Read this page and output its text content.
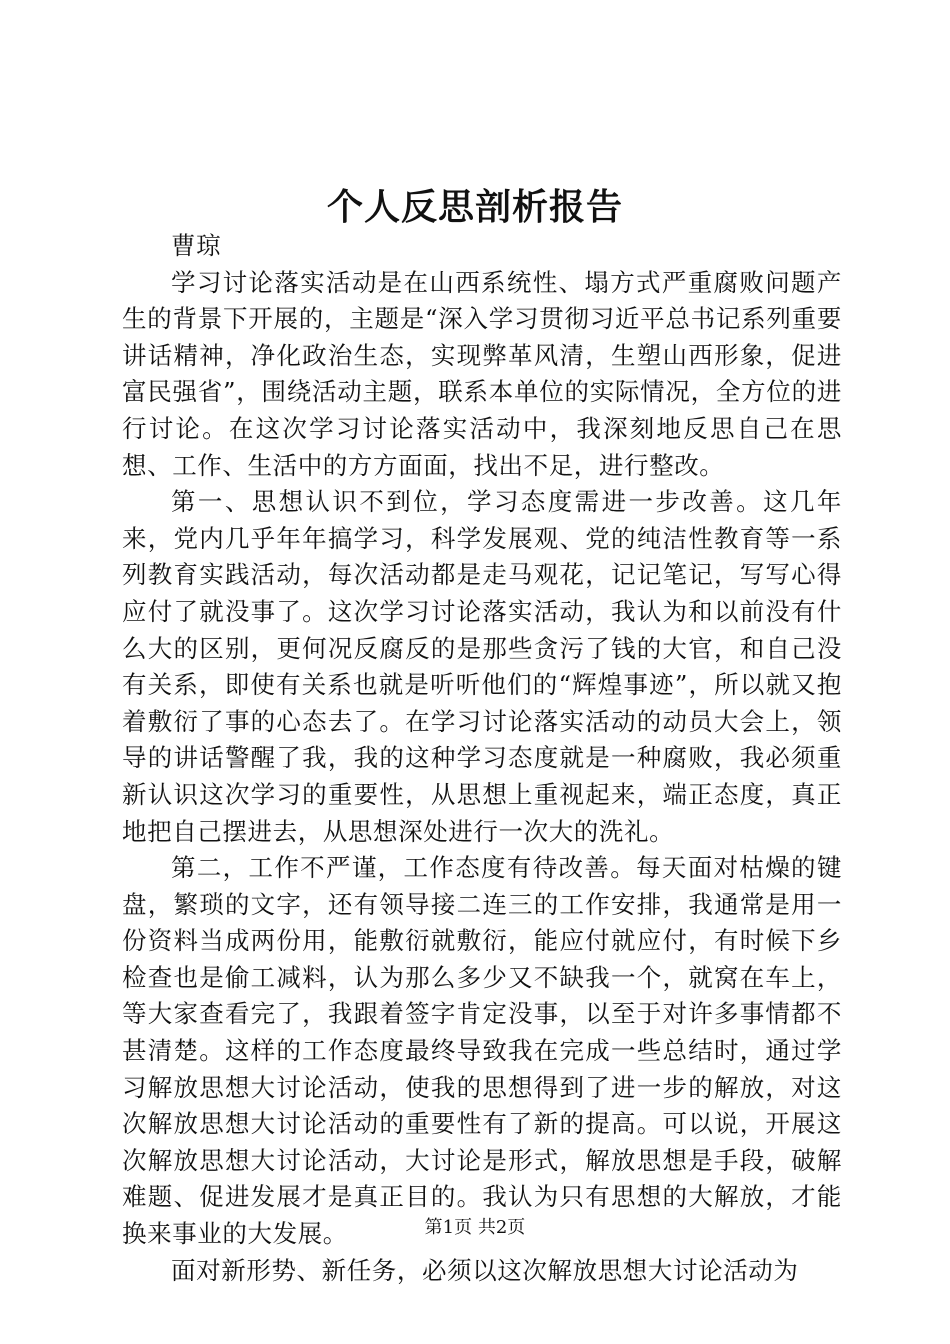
个人反思剖析报告

曹琼

学习讨论落实活动是在山西系统性、塌方式严重腐败问题产生的背景下开展的，主题是“深入学习贯彻习近平总书记系列重要讲话精神，净化政治生态，实现弊革风清，生塑山西形象，促进富民强省”，围绕活动主题，联系本单位的实际情况，全方位的进行讨论。在这次学习讨论落实活动中，我深刻地反思自己在思想、工作、生活中的方方面面，找出不足，进行整改。

第一、思想认识不到位，学习态度需进一步改善。这几年来，党内几乎年年搞学习，科学发展观、党的纯洁性教育等一系列教育实践活动，每次活动都是走马观花，记记笔记，写写心得应付了就没事了。这次学习讨论落实活动，我认为和以前没有什么大的区别，更何况反腐反的是那些贪污了钱的大官，和自己没有关系，即使有关系也就是听听他们的“辉煌事迹”，所以就又抱着敷衍了事的心态去了。在学习讨论落实活动的动员大会上，领导的讲话警醒了我，我的这种学习态度就是一种腐败，我必须重新认识这次学习的重要性，从思想上重视起来，端正态度，真正地把自己摆进去，从思想深处进行一次大的洗礼。

第二，工作不严谨，工作态度有待改善。每天面对枯燥的键盘，繁琐的文字，还有领导接二连三的工作安排，我通常是用一份资料当成两份用，能敷衍就敷衍，能应付就应付，有时候下乡检查也是偷工减料，认为那么多少又不缺我一个，就窝在车上，等大家查看完了，我跟着签字肯定没事，以至于对许多事情都不甚清楚。这样的工作态度最终导致我在完成一些总结时，通过学习解放思想大讨论活动，使我的思想得到了进一步的解放，对这次解放思想大讨论活动的重要性有了新的提高。可以说，开展这次解放思想大讨论活动，大讨论是形式，解放思想是手段，破解难题、促进发展才是真正目的。我认为只有思想的大解放，才能换来事业的大发展。

面对新形势、新任务，必须以这次解放思想大讨论活动为

第1页 共2页
